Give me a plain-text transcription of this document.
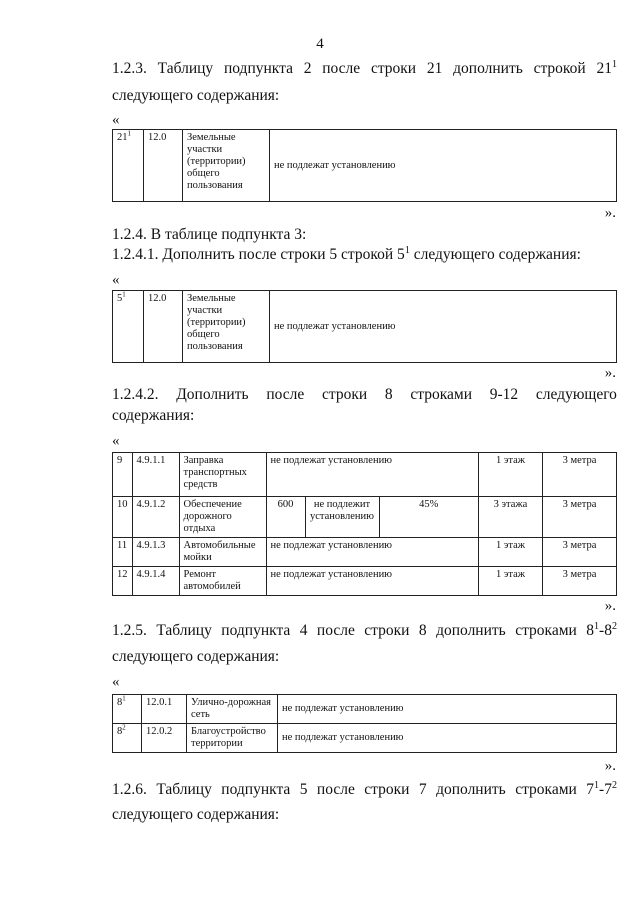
4
1.2.3. Таблицу подпункта 2 после строки 21 дополнить строкой $21^1$
следующего содержания:
«
$21^1$	12.0	Земельные участки (территории) общего пользования	не подлежат установлению
».
1.2.4. В таблице подпункта 3:
1.2.4.1. Дополнить после строки 5 строкой $5^1$ следующего содержания:
«
$5^1$	12.0	Земельные участки (территории) общего пользования	не подлежат установлению
».
1.2.4.2. Дополнить после строки 8 строками 9-12 следующего
содержания:
«
9	4.9.1.1	Заправка транспортных средств	не подлежат установлению			1 этаж	3 метра
10	4.9.1.2	Обеспечение дорожного отдыха	600	не подлежит установлению	45%	3 этажа	3 метра
11	4.9.1.3	Автомобильные мойки	не подлежат установлению			1 этаж	3 метра
12	4.9.1.4	Ремонт автомобилей	не подлежат установлению			1 этаж	3 метра
».
1.2.5. Таблицу подпункта 4 после строки 8 дополнить строками $8^1-8^2$
следующего содержания:
«
$8^1$	12.0.1	Улично-дорожная сеть	не подлежат установлению
$8^2$	12.0.2	Благоустройство территории	не подлежат установлению
».
1.2.6. Таблицу подпункта 5 после строки 7 дополнить строками $7^1-7^2$
следующего содержания:
